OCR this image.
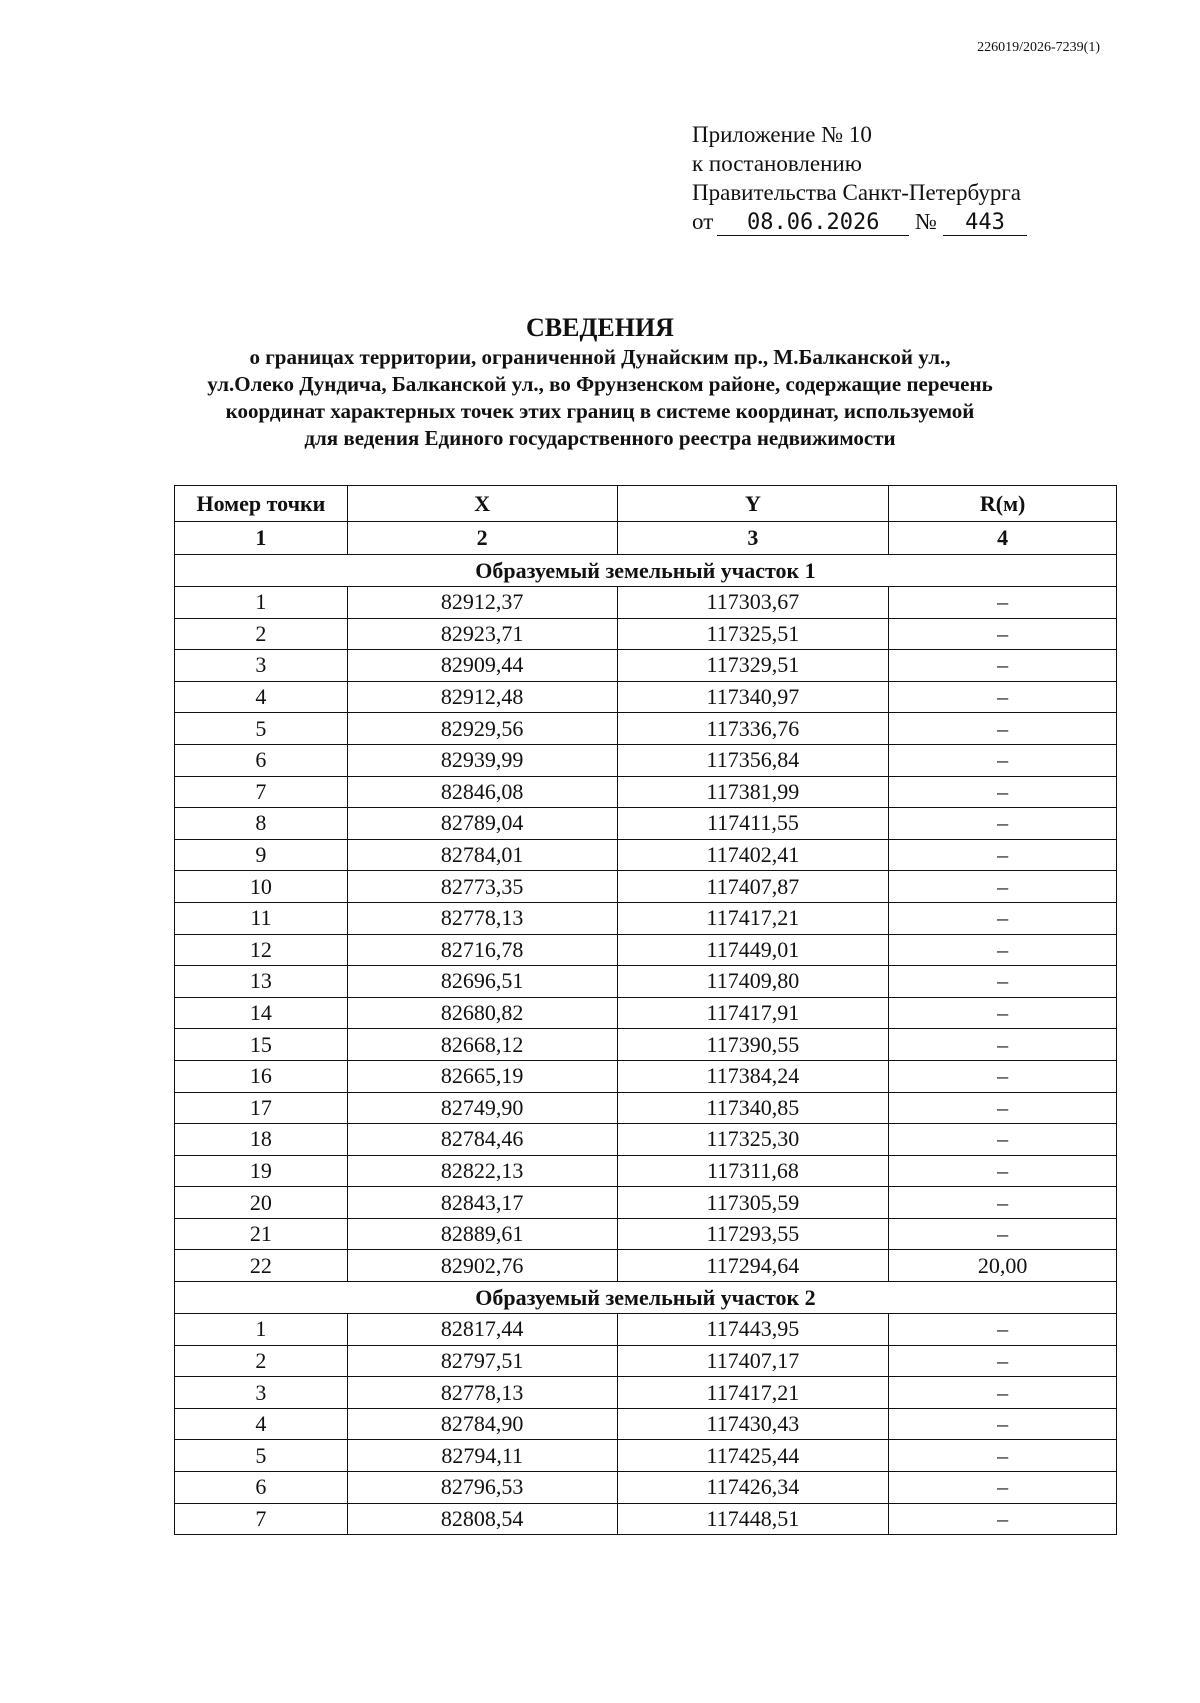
226019/2026-7239(1)
Приложение № 10
к постановлению
Правительства Санкт-Петербурга
от 08.06.2026 № 443
СВЕДЕНИЯ
о границах территории, ограниченной Дунайским пр., М.Балканской ул.,
ул.Олеко Дундича, Балканской ул., во Фрунзенском районе, содержащие перечень
координат характерных точек этих границ в системе координат, используемой
для ведения Единого государственного реестра недвижимости
Номер точки	X	Y	R(м)
1	2	3	4
Образуемый земельный участок 1			
1	82912,37	117303,67	–
2	82923,71	117325,51	–
3	82909,44	117329,51	–
4	82912,48	117340,97	–
5	82929,56	117336,76	–
6	82939,99	117356,84	–
7	82846,08	117381,99	–
8	82789,04	117411,55	–
9	82784,01	117402,41	–
10	82773,35	117407,87	–
11	82778,13	117417,21	–
12	82716,78	117449,01	–
13	82696,51	117409,80	–
14	82680,82	117417,91	–
15	82668,12	117390,55	–
16	82665,19	117384,24	–
17	82749,90	117340,85	–
18	82784,46	117325,30	–
19	82822,13	117311,68	–
20	82843,17	117305,59	–
21	82889,61	117293,55	–
22	82902,76	117294,64	20,00
Образуемый земельный участок 2			
1	82817,44	117443,95	–
2	82797,51	117407,17	–
3	82778,13	117417,21	–
4	82784,90	117430,43	–
5	82794,11	117425,44	–
6	82796,53	117426,34	–
7	82808,54	117448,51	–
